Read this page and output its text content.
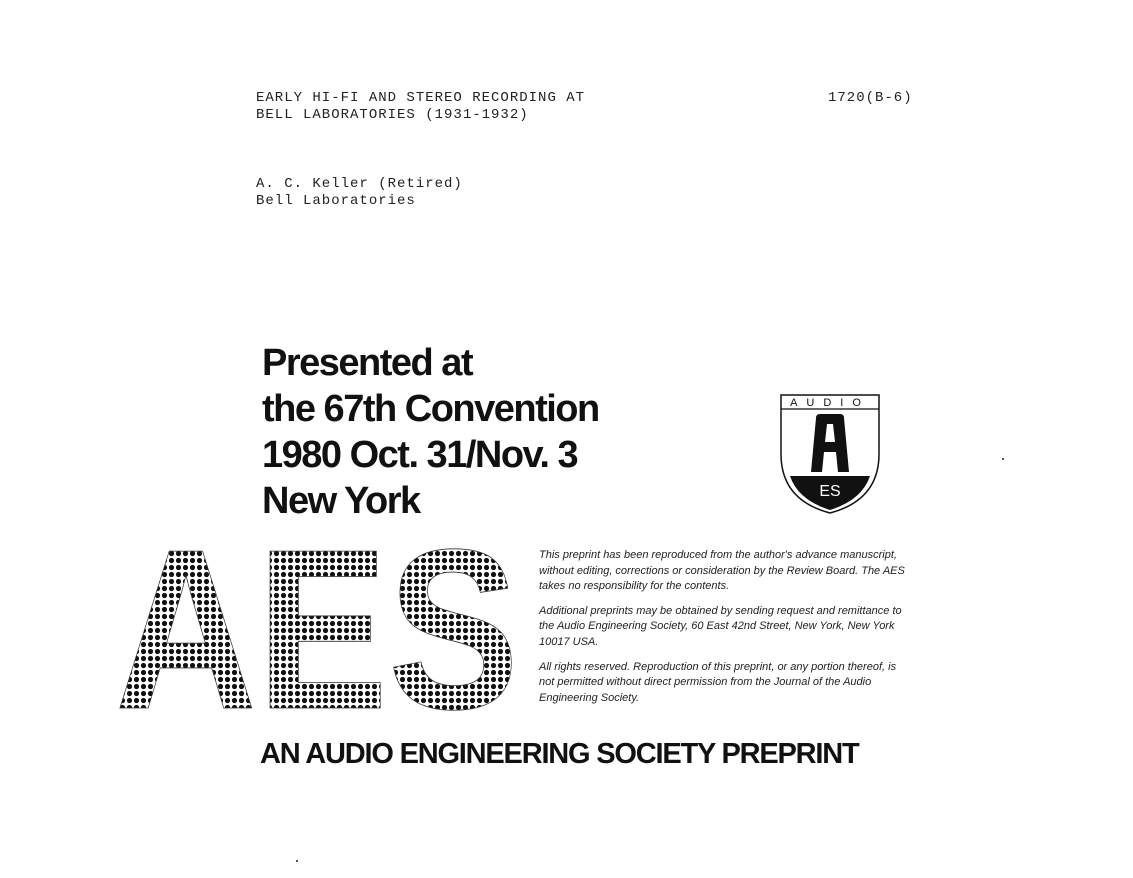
EARLY HI-FI AND STEREO RECORDING AT
BELL LABORATORIES (1931-1932)
1720(B-6)
A. C. Keller (Retired)
Bell Laboratories
Presented at
the 67th Convention
1980 Oct. 31/Nov. 3
New York
AUDIO
ES
AES This preprint has been reproduced from the author's advance manuscript, without editing, corrections or consideration by the Review Board. The AES takes no responsibility for the contents.

Additional preprints may be obtained by sending request and remittance to the Audio Engineering Society, 60 East 42nd Street, New York, New York 10017 USA.

All rights reserved. Reproduction of this preprint, or any portion thereof, is not permitted without direct permission from the Journal of the Audio Engineering Society.

AN AUDIO ENGINEERING SOCIETY PREPRINT
